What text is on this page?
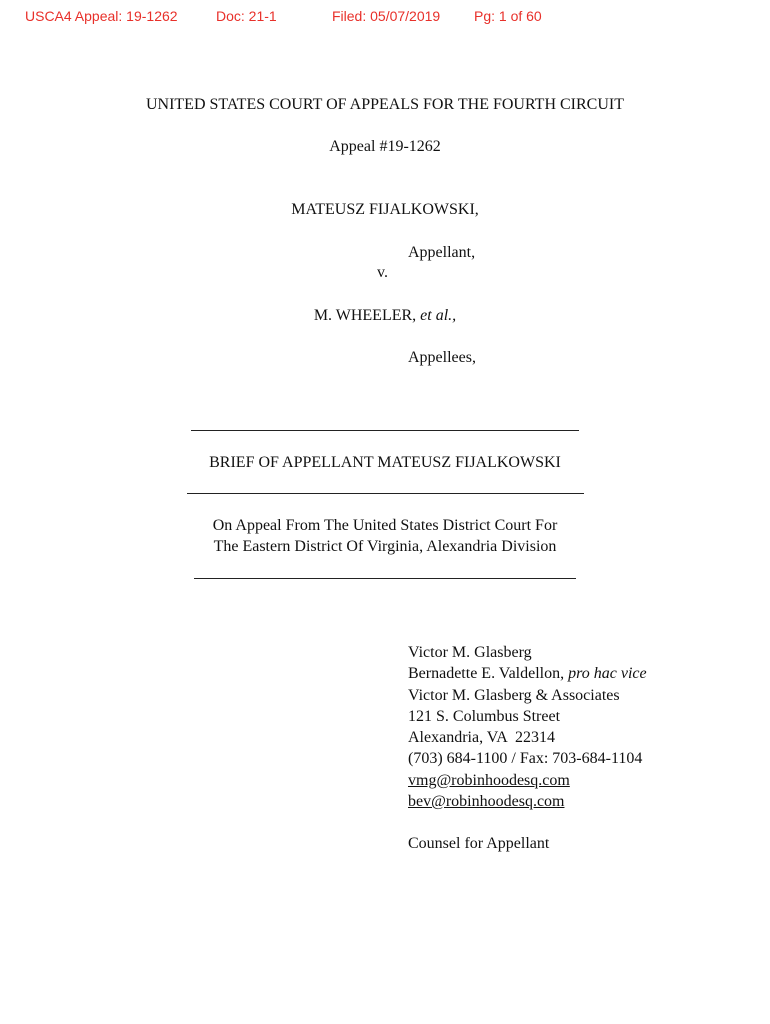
USCA4 Appeal: 19-1262	Doc: 21-1	Filed: 05/07/2019 Pg: 1 of 60
UNITED STATES COURT OF APPEALS FOR THE FOURTH CIRCUIT
Appeal #19-1262
MATEUSZ FIJALKOWSKI,
Appellant,
v.
M. WHEELER, et al.,
Appellees,
BRIEF OF APPELLANT MATEUSZ FIJALKOWSKI
On Appeal From The United States District Court For
The Eastern District Of Virginia, Alexandria Division
Victor M. Glasberg
Bernadette E. Valdellon, pro hac vice
Victor M. Glasberg & Associates
121 S. Columbus Street
Alexandria, VA  22314
(703) 684-1100 / Fax: 703-684-1104
vmg@robinhoodesq.com
bev@robinhoodesq.com
Counsel for Appellant
